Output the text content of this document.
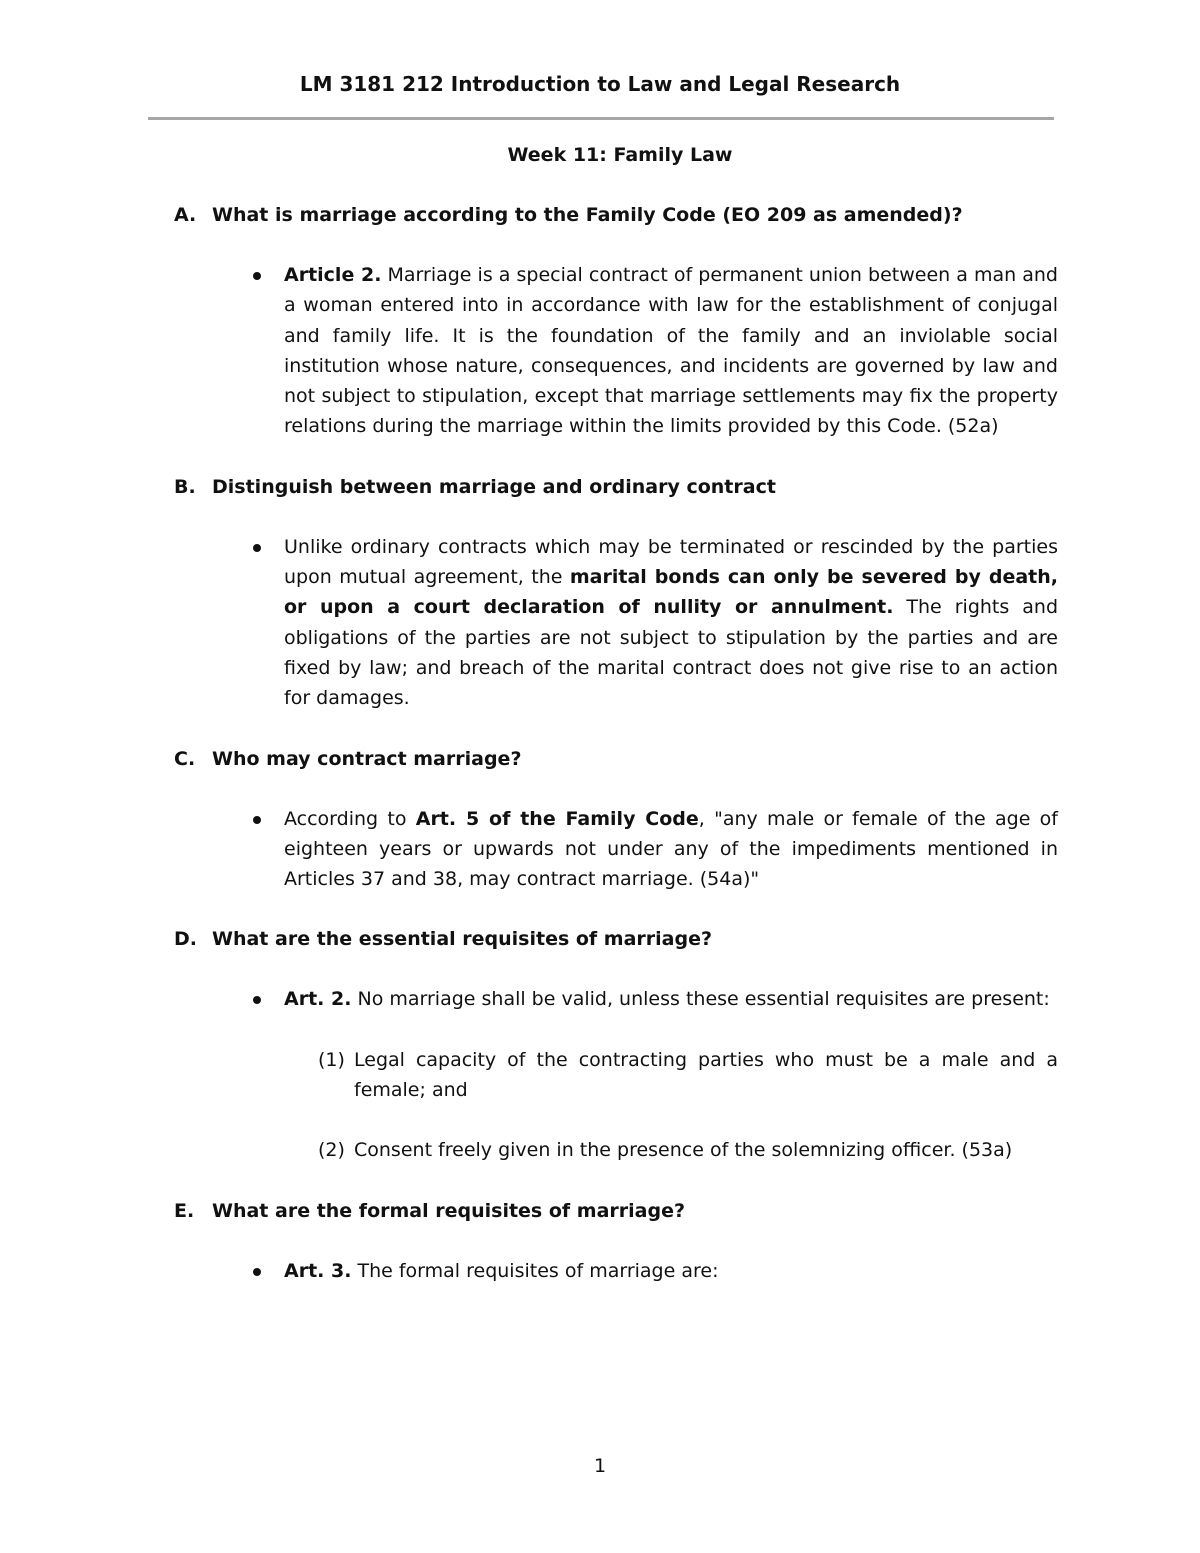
LM 3181 212 Introduction to Law and Legal Research
Week 11: Family Law
A. What is marriage according to the Family Code (EO 209 as amended)?
Article 2. Marriage is a special contract of permanent union between a man and a woman entered into in accordance with law for the establishment of conjugal and family life. It is the foundation of the family and an inviolable social institution whose nature, consequences, and incidents are governed by law and not subject to stipulation, except that marriage settlements may fix the property relations during the marriage within the limits provided by this Code. (52a)
B. Distinguish between marriage and ordinary contract
Unlike ordinary contracts which may be terminated or rescinded by the parties upon mutual agreement, the marital bonds can only be severed by death, or upon a court declaration of nullity or annulment. The rights and obligations of the parties are not subject to stipulation by the parties and are fixed by law; and breach of the marital contract does not give rise to an action for damages.
C. Who may contract marriage?
According to Art. 5 of the Family Code, "any male or female of the age of eighteen years or upwards not under any of the impediments mentioned in Articles 37 and 38, may contract marriage. (54a)"
D. What are the essential requisites of marriage?
Art. 2. No marriage shall be valid, unless these essential requisites are present:
(1) Legal capacity of the contracting parties who must be a male and a female; and
(2) Consent freely given in the presence of the solemnizing officer. (53a)
E. What are the formal requisites of marriage?
Art. 3. The formal requisites of marriage are:
1
